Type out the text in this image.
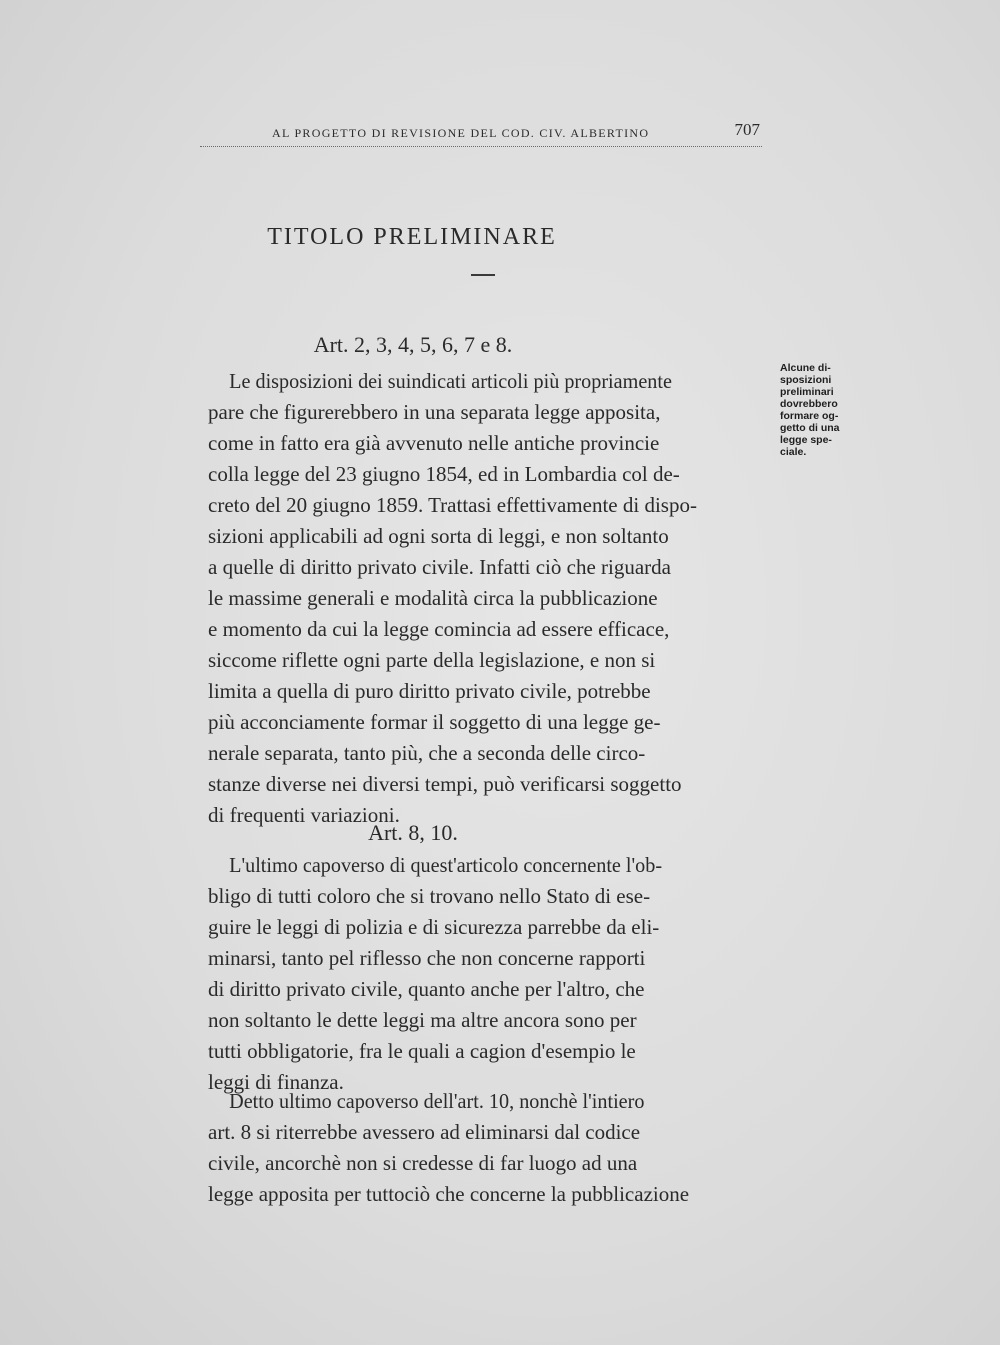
AL PROGETTO DI REVISIONE DEL COD. CIV. ALBERTINO	707
TITOLO PRELIMINARE
Alcune di-
sposizioni
preliminari
dovrebbero
formare og-
getto di una
legge spe-
ciale.
Art. 2, 3, 4, 5, 6, 7 e 8.

Le disposizioni dei suindicati articoli più propriamente
pare che figurerebbero in una separata legge apposita,
come in fatto era già avvenuto nelle antiche provincie
colla legge del 23 giugno 1854, ed in Lombardia col de-
creto del 20 giugno 1859. Trattasi effettivamente di dispo-
sizioni applicabili ad ogni sorta di leggi, e non soltanto
a quelle di diritto privato civile. Infatti ciò che riguarda
le massime generali e modalità circa la pubblicazione
e momento da cui la legge comincia ad essere efficace,
siccome riflette ogni parte della legislazione, e non si
limita a quella di puro diritto privato civile, potrebbe
più acconciamente formar il soggetto di una legge ge-
nerale separata, tanto più, che a seconda delle circo-
stanze diverse nei diversi tempi, può verificarsi soggetto
di frequenti variazioni.

Art. 8, 10.

L'ultimo capoverso di quest'articolo concernente l'ob-
bligo di tutti coloro che si trovano nello Stato di ese-
guire le leggi di polizia e di sicurezza parrebbe da eli-
minarsi, tanto pel riflesso che non concerne rapporti
di diritto privato civile, quanto anche per l'altro, che
non soltanto le dette leggi ma altre ancora sono per
tutti obbligatorie, fra le quali a cagion d'esempio le
leggi di finanza.

Detto ultimo capoverso dell'art. 10, nonchè l'intiero
art. 8 si riterrebbe avessero ad eliminarsi dal codice
civile, ancorchè non si credesse di far luogo ad una
legge apposita per tuttociò che concerne la pubblicazione
